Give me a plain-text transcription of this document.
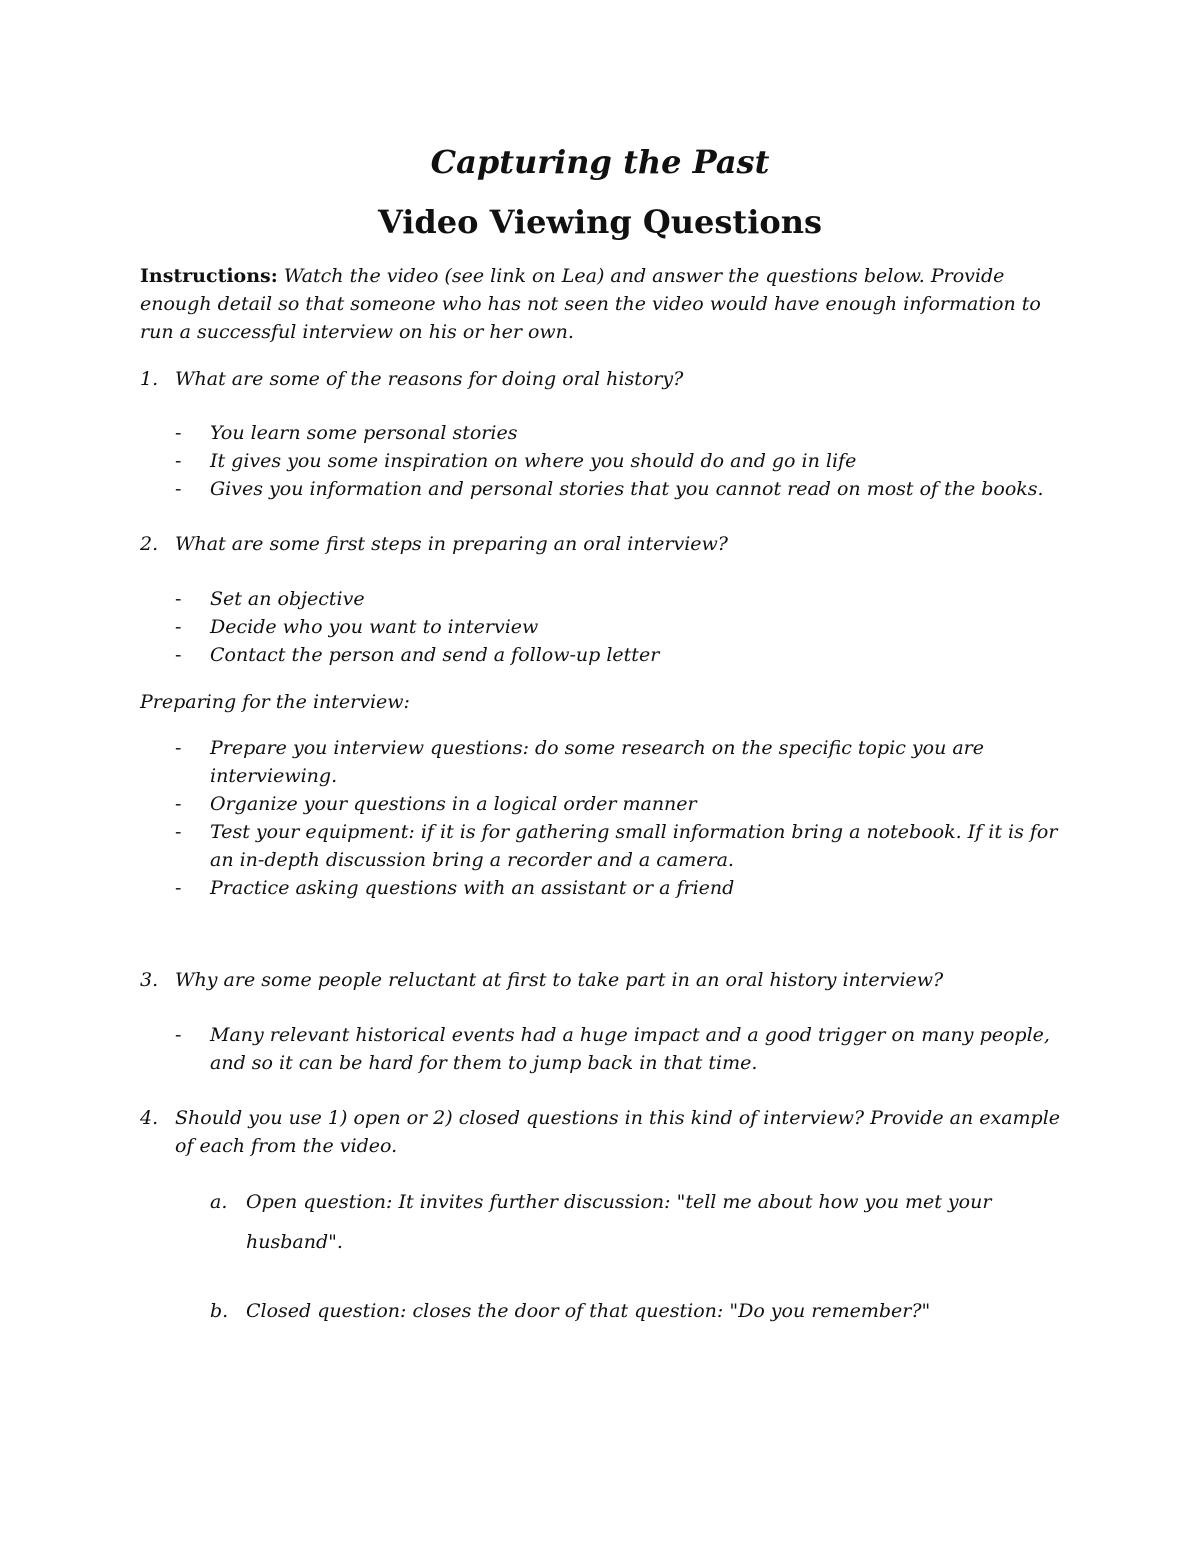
Capturing the Past
Video Viewing Questions

Instructions: Watch the video (see link on Lea) and answer the questions below. Provide enough detail so that someone who has not seen the video would have enough information to run a successful interview on his or her own.

1. What are some of the reasons for doing oral history?
- You learn some personal stories
- It gives you some inspiration on where you should do and go in life
- Gives you information and personal stories that you cannot read on most of the books.
2. What are some first steps in preparing an oral interview?
- Set an objective
- Decide who you want to interview
- Contact the person and send a follow-up letter

Preparing for the interview:

- Prepare you interview questions: do some research on the specific topic you are interviewing.
- Organize your questions in a logical order manner
- Test your equipment: if it is for gathering small information bring a notebook. If it is for an in-depth discussion bring a recorder and a camera.
- Practice asking questions with an assistant or a friend
3. Why are some people reluctant at first to take part in an oral history interview?
- Many relevant historical events had a huge impact and a good trigger on many people, and so it can be hard for them to jump back in that time.
4. Should you use 1) open or 2) closed questions in this kind of interview? Provide an example of each from the video.
a. Open question: It invites further discussion: "tell me about how you met your husband".
b. Closed question: closes the door of that question: "Do you remember?"
